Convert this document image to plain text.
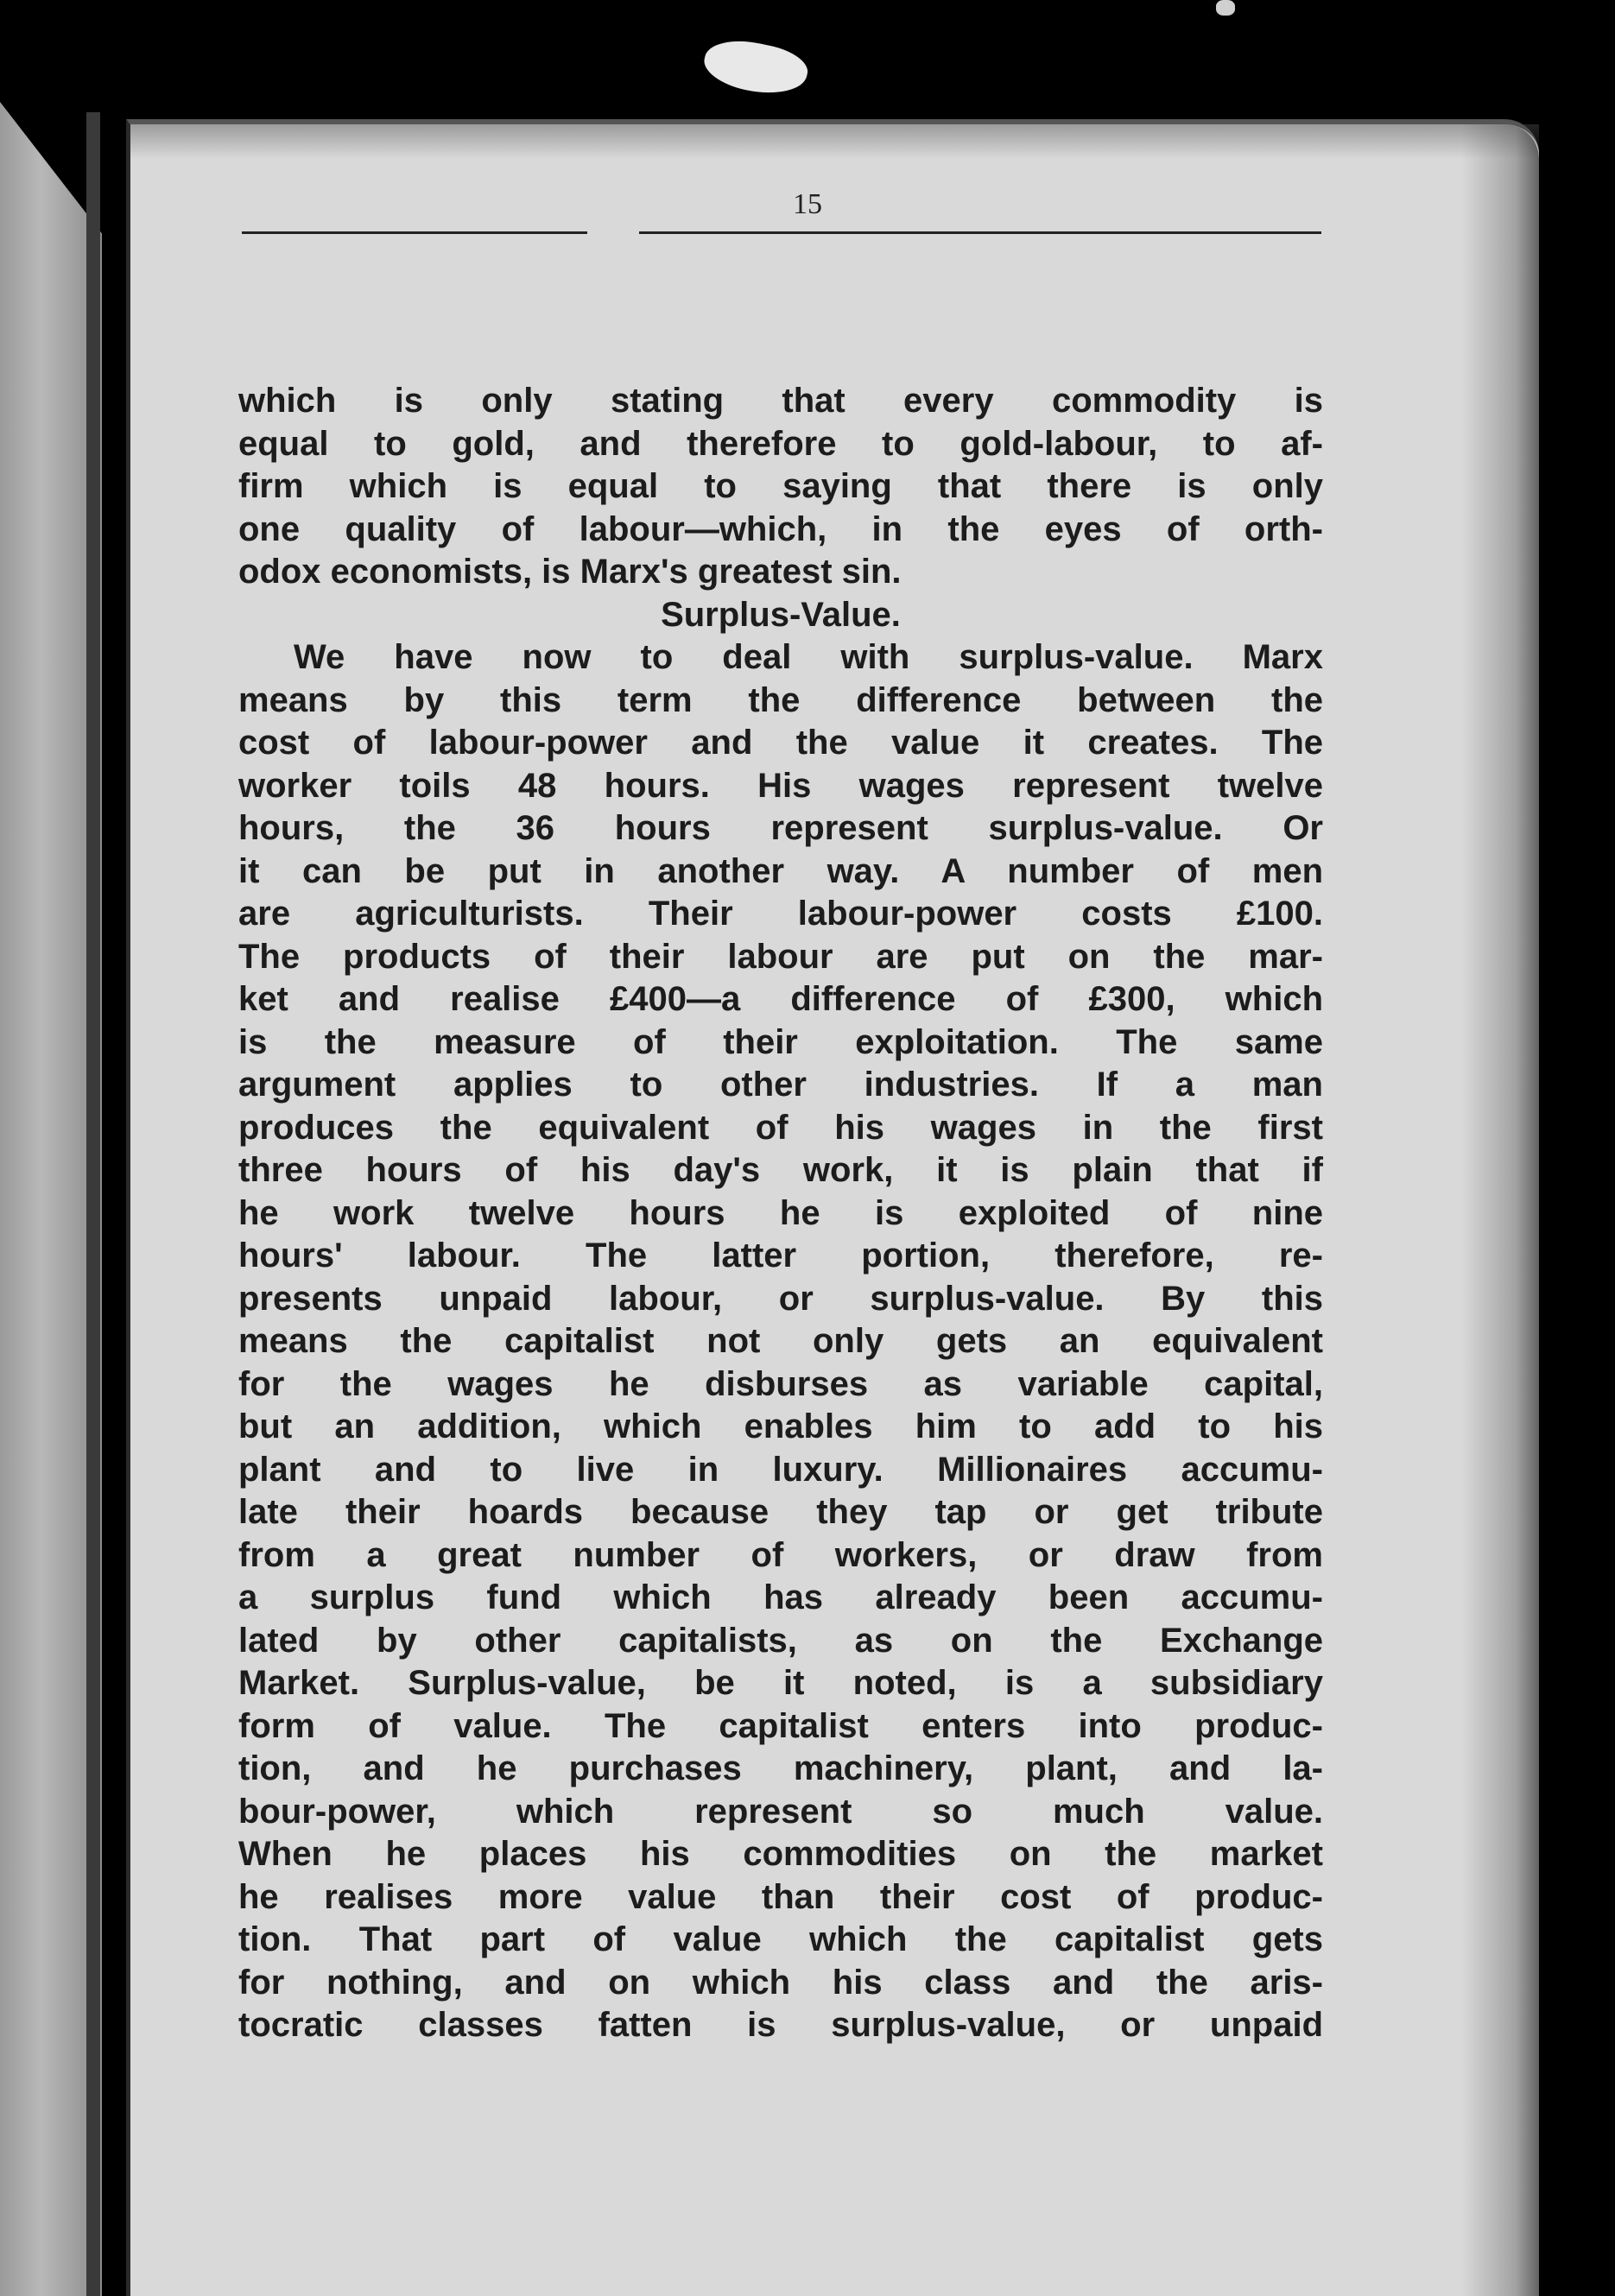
15
which is only stating that every commodity is
equal to gold, and therefore to gold-labour, to af-
firm which is equal to saying that there is only
one quality of labour—which, in the eyes of orth-
odox economists, is Marx's greatest sin.
Surplus-Value.
We have now to deal with surplus-value. Marx
means by this term the difference between the
cost of labour-power and the value it creates. The
worker toils 48 hours. His wages represent twelve
hours, the 36 hours represent surplus-value. Or
it can be put in another way. A number of men
are agriculturists. Their labour-power costs £100.
The products of their labour are put on the mar-
ket and realise £400—a difference of £300, which
is the measure of their exploitation. The same
argument applies to other industries. If a man
produces the equivalent of his wages in the first
three hours of his day's work, it is plain that if
he work twelve hours he is exploited of nine
hours' labour. The latter portion, therefore, re-
presents unpaid labour, or surplus-value. By this
means the capitalist not only gets an equivalent
for the wages he disburses as variable capital,
but an addition, which enables him to add to his
plant and to live in luxury. Millionaires accumu-
late their hoards because they tap or get tribute
from a great number of workers, or draw from
a surplus fund which has already been accumu-
lated by other capitalists, as on the Exchange
Market. Surplus-value, be it noted, is a subsidiary
form of value. The capitalist enters into produc-
tion, and he purchases machinery, plant, and la-
bour-power, which represent so much value.
When he places his commodities on the market
he realises more value than their cost of produc-
tion. That part of value which the capitalist gets
for nothing, and on which his class and the aris-
tocratic classes fatten is surplus-value, or unpaid
